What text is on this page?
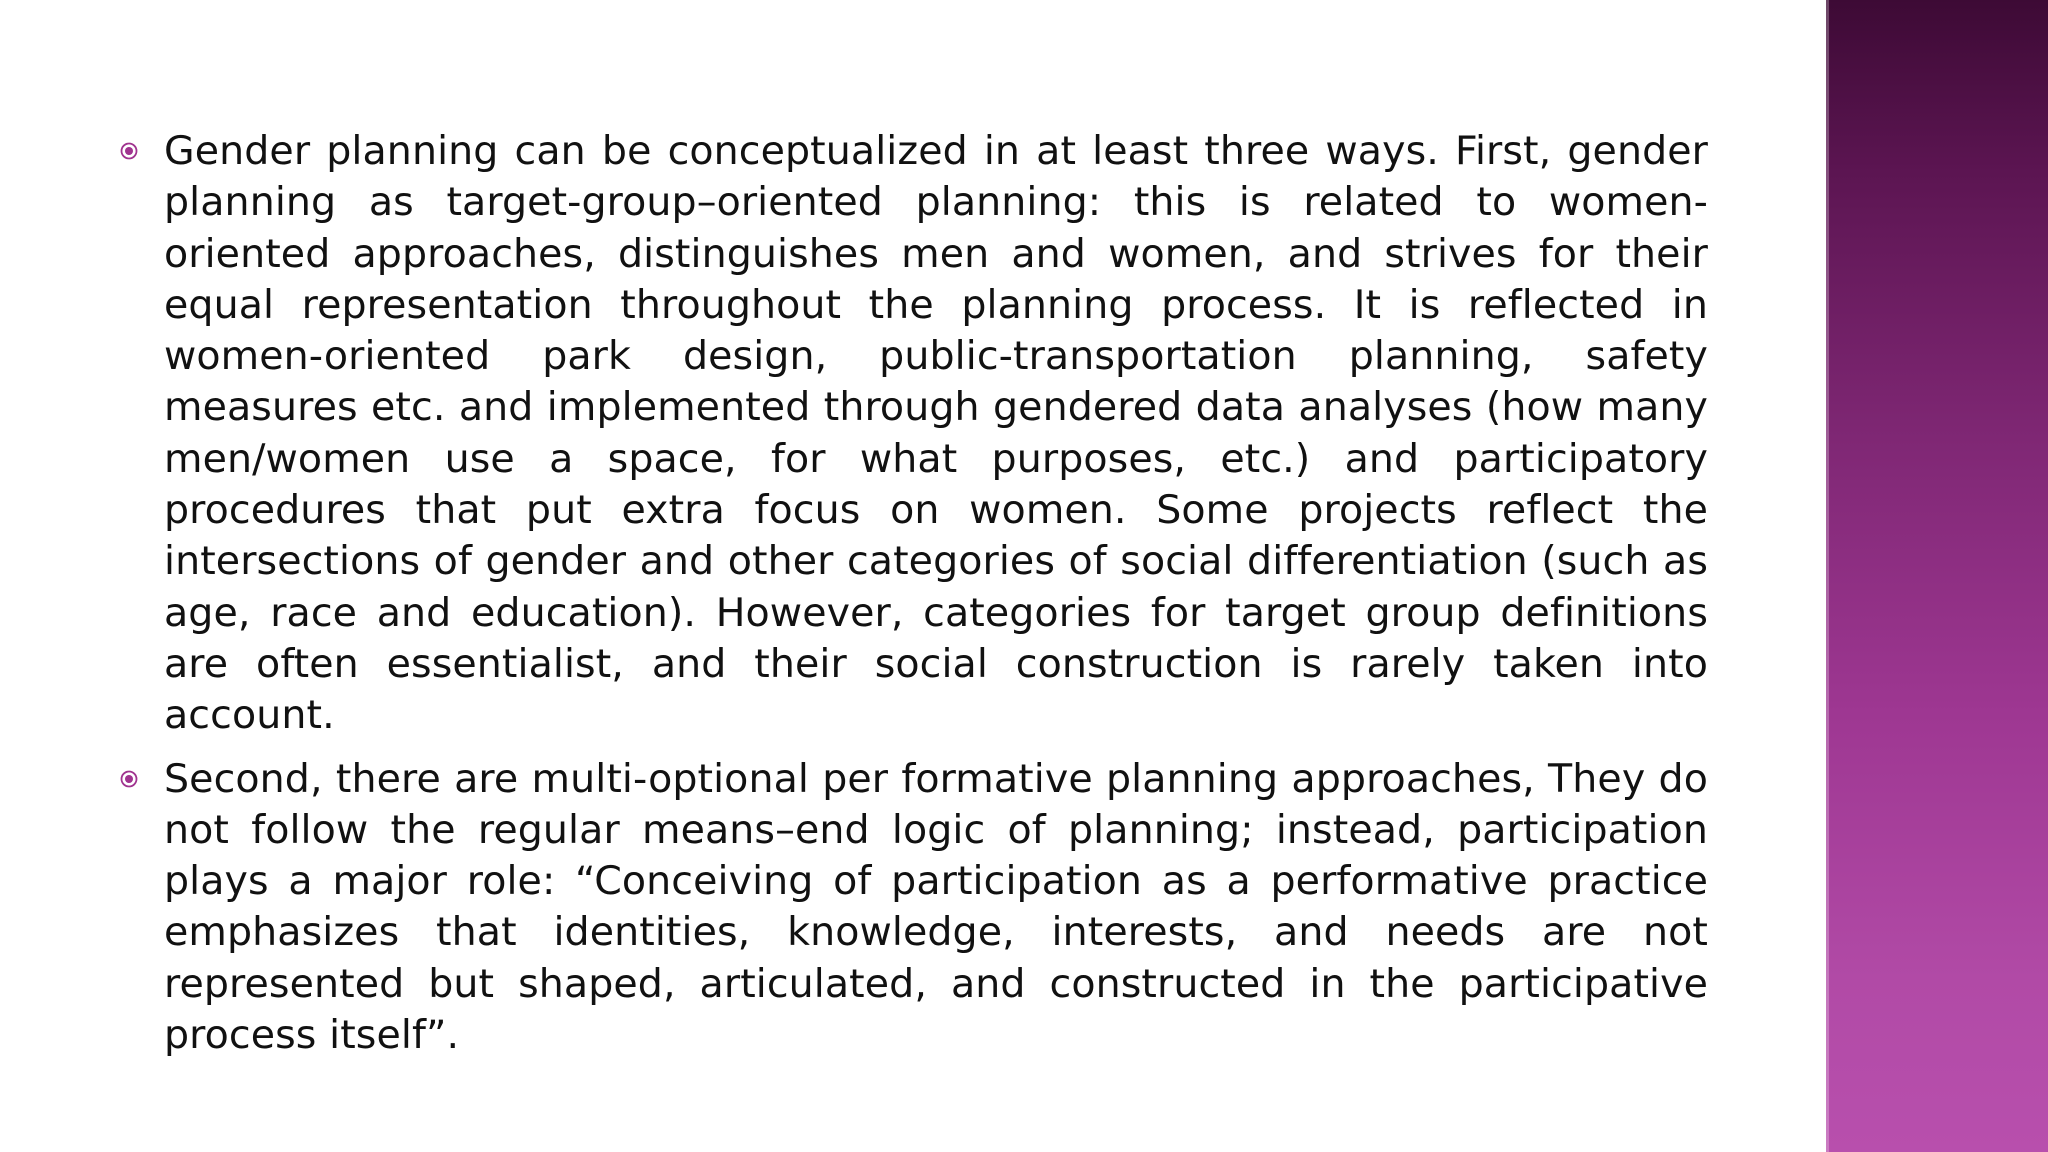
Gender planning can be conceptualized in at least three ways. First, gender planning as target-group–oriented planning: this is related to women-oriented approaches, distinguishes men and women, and strives for their equal representation throughout the planning process. It is reflected in women-oriented park design, public-transportation planning, safety measures etc. and implemented through gendered data analyses (how many men/women use a space, for what purposes, etc.) and participatory procedures that put extra focus on women. Some projects reflect the intersections of gender and other categories of social differentiation (such as age, race and education). However, categories for target group definitions are often essentialist, and their social construction is rarely taken into account.

Second, there are multi-optional per formative planning approaches, They do not follow the regular means–end logic of planning; instead, participation plays a major role: “Conceiving of participation as a performative practice emphasizes that identities, knowledge, interests, and needs are not represented but shaped, articulated, and constructed in the participative process itself”.
